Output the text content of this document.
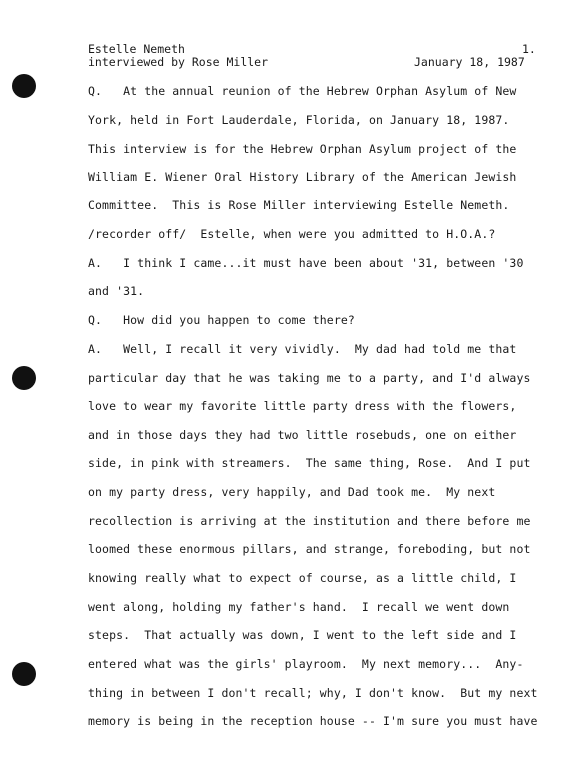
Estelle Nemeth
interviewed by Rose Miller
1.
January 18, 1987
Q.   At the annual reunion of the Hebrew Orphan Asylum of New
York, held in Fort Lauderdale, Florida, on January 18, 1987.
This interview is for the Hebrew Orphan Asylum project of the
William E. Wiener Oral History Library of the American Jewish
Committee.  This is Rose Miller interviewing Estelle Nemeth.
/recorder off/  Estelle, when were you admitted to H.O.A.?
A.   I think I came...it must have been about '31, between '30
and '31.
Q.   How did you happen to come there?
A.   Well, I recall it very vividly.  My dad had told me that
particular day that he was taking me to a party, and I'd always
love to wear my favorite little party dress with the flowers,
and in those days they had two little rosebuds, one on either
side, in pink with streamers.  The same thing, Rose.  And I put
on my party dress, very happily, and Dad took me.  My next
recollection is arriving at the institution and there before me
loomed these enormous pillars, and strange, foreboding, but not
knowing really what to expect of course, as a little child, I
went along, holding my father's hand.  I recall we went down
steps.  That actually was down, I went to the left side and I
entered what was the girls' playroom.  My next memory...  Any-
thing in between I don't recall; why, I don't know.  But my next
memory is being in the reception house -- I'm sure you must have
